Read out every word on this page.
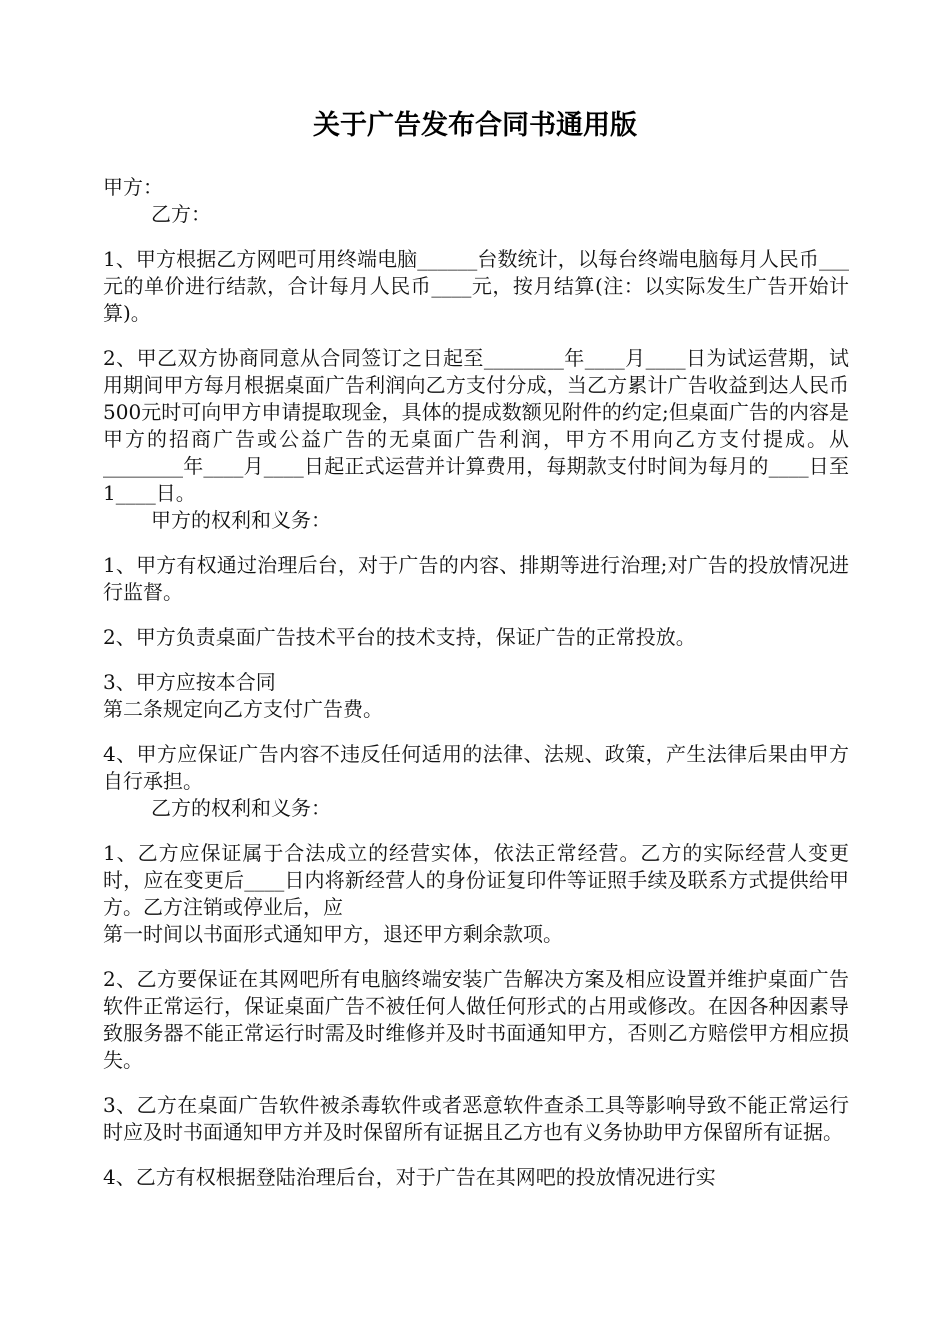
关于广告发布合同书通用版

甲方：

乙方：

1、甲方根据乙方网吧可用终端电脑______台数统计，以每台终端电脑每月人民币___元的单价进行结款，合计每月人民币____元，按月结算(注：以实际发生广告开始计算)。

2、甲乙双方协商同意从合同签订之日起至________年____月____日为试运营期，试用期间甲方每月根据桌面广告利润向乙方支付分成，当乙方累计广告收益到达人民币500元时可向甲方申请提取现金，具体的提成数额见附件的约定;但桌面广告的内容是甲方的招商广告或公益广告的无桌面广告利润，甲方不用向乙方支付提成。从________年____月____日起正式运营并计算费用，每期款支付时间为每月的____日至1____日。

甲方的权利和义务：

1、甲方有权通过治理后台，对于广告的内容、排期等进行治理;对广告的投放情况进行监督。

2、甲方负责桌面广告技术平台的技术支持，保证广告的正常投放。

3、甲方应按本合同

第二条规定向乙方支付广告费。

4、甲方应保证广告内容不违反任何适用的法律、法规、政策，产生法律后果由甲方自行承担。

乙方的权利和义务：

1、乙方应保证属于合法成立的经营实体，依法正常经营。乙方的实际经营人变更时，应在变更后____日内将新经营人的身份证复印件等证照手续及联系方式提供给甲方。乙方注销或停业后，应

第一时间以书面形式通知甲方，退还甲方剩余款项。

2、乙方要保证在其网吧所有电脑终端安装广告解决方案及相应设置并维护桌面广告软件正常运行，保证桌面广告不被任何人做任何形式的占用或修改。在因各种因素导致服务器不能正常运行时需及时维修并及时书面通知甲方，否则乙方赔偿甲方相应损失。

3、乙方在桌面广告软件被杀毒软件或者恶意软件查杀工具等影响导致不能正常运行时应及时书面通知甲方并及时保留所有证据且乙方也有义务协助甲方保留所有证据。

4、乙方有权根据登陆治理后台，对于广告在其网吧的投放情况进行实
